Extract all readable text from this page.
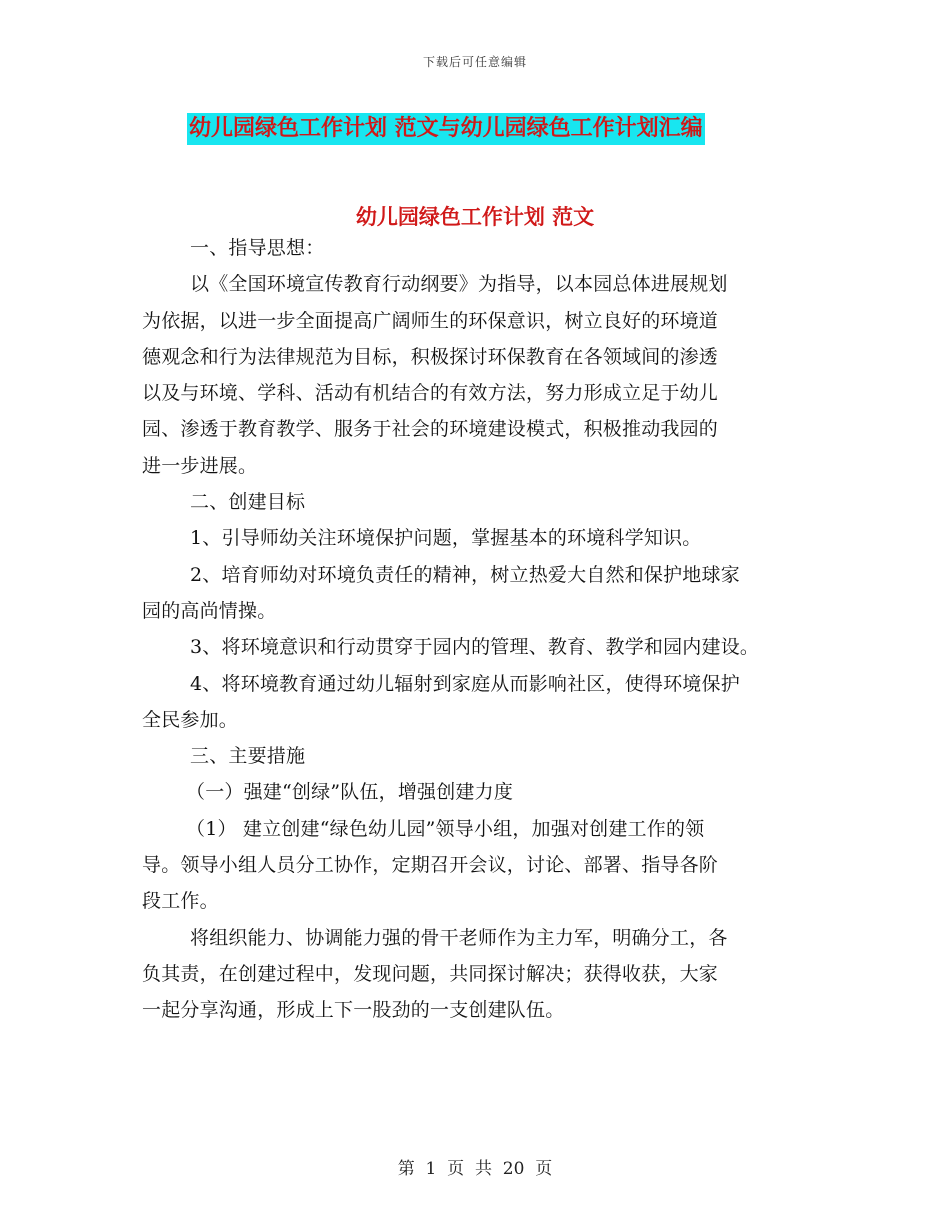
下载后可任意编辑
幼儿园绿色工作计划 范文与幼儿园绿色工作计划汇编
幼儿园绿色工作计划 范文
一、指导思想：
以《全国环境宣传教育行动纲要》为指导，以本园总体进展规划
为依据，以进一步全面提高广阔师生的环保意识，树立良好的环境道
德观念和行为法律规范为目标，积极探讨环保教育在各领域间的渗透
以及与环境、学科、活动有机结合的有效方法，努力形成立足于幼儿
园、渗透于教育教学、服务于社会的环境建设模式，积极推动我园的
进一步进展。
二、创建目标
1、引导师幼关注环境保护问题，掌握基本的环境科学知识。
2、培育师幼对环境负责任的精神，树立热爱大自然和保护地球家
园的高尚情操。
3、将环境意识和行动贯穿于园内的管理、教育、教学和园内建设。
4、将环境教育通过幼儿辐射到家庭从而影响社区，使得环境保护
全民参加。
三、主要措施
（一）强建“创绿”队伍，增强创建力度
（1） 建立创建“绿色幼儿园”领导小组，加强对创建工作的领
导。领导小组人员分工协作，定期召开会议，讨论、部署、指导各阶
段工作。
将组织能力、协调能力强的骨干老师作为主力军，明确分工，各
负其责，在创建过程中，发现问题，共同探讨解决；获得收获，大家
一起分享沟通，形成上下一股劲的一支创建队伍。
第  1  页  共  20  页
